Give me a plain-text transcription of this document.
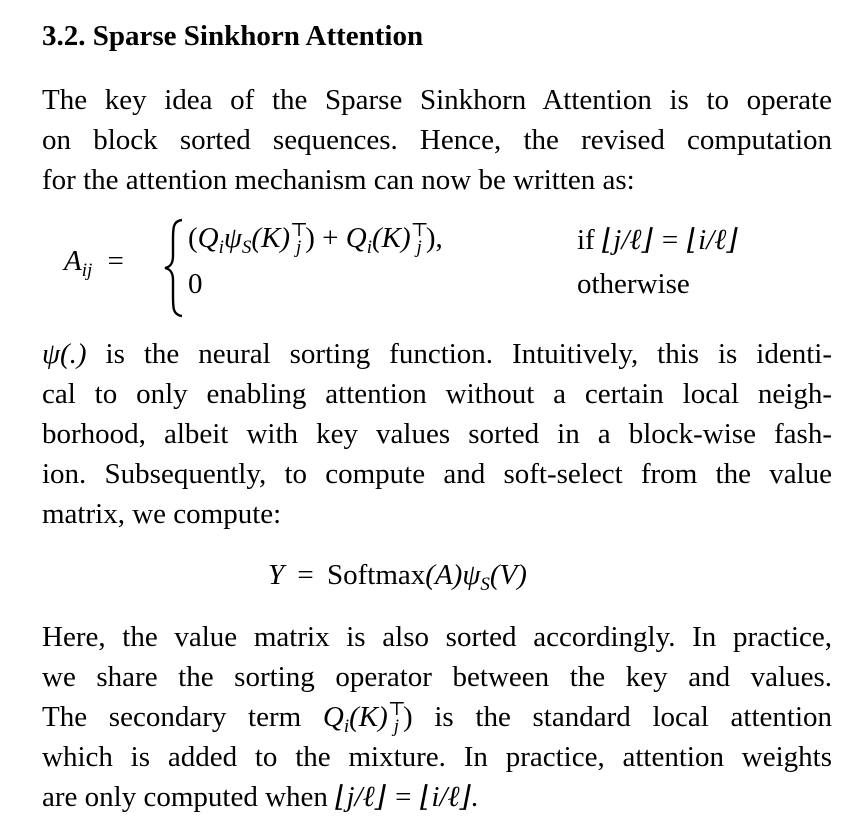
3.2. Sparse Sinkhorn Attention
The key idea of the Sparse Sinkhorn Attention is to operate
on block sorted sequences. Hence, the revised computation
for the attention mechanism can now be written as:
$A_{ij}$ =
($Q_i\psi_S(K)^⊤_j$ ) + $Q_i(K)^⊤_j$ ),	if ⌊j/ℓ⌋ = ⌊i/ℓ⌋
0	otherwise
ψ(.) is the neural sorting function. Intuitively, this is identi-
cal to only enabling attention without a certain local neigh-
borhood, albeit with key values sorted in a block-wise fash-
ion. Subsequently, to compute and soft-select from the value
matrix, we compute:
$Y = Softmax(A)\psi_S(V)$
Here, the value matrix is also sorted accordingly. In practice,
we share the sorting operator between the key and values.
The secondary term $Q_i(K)^⊤_j$ ) is the standard local attention
which is added to the mixture. In practice, attention weights
are only computed when ⌊j/ℓ⌋ = ⌊i/ℓ⌋.
